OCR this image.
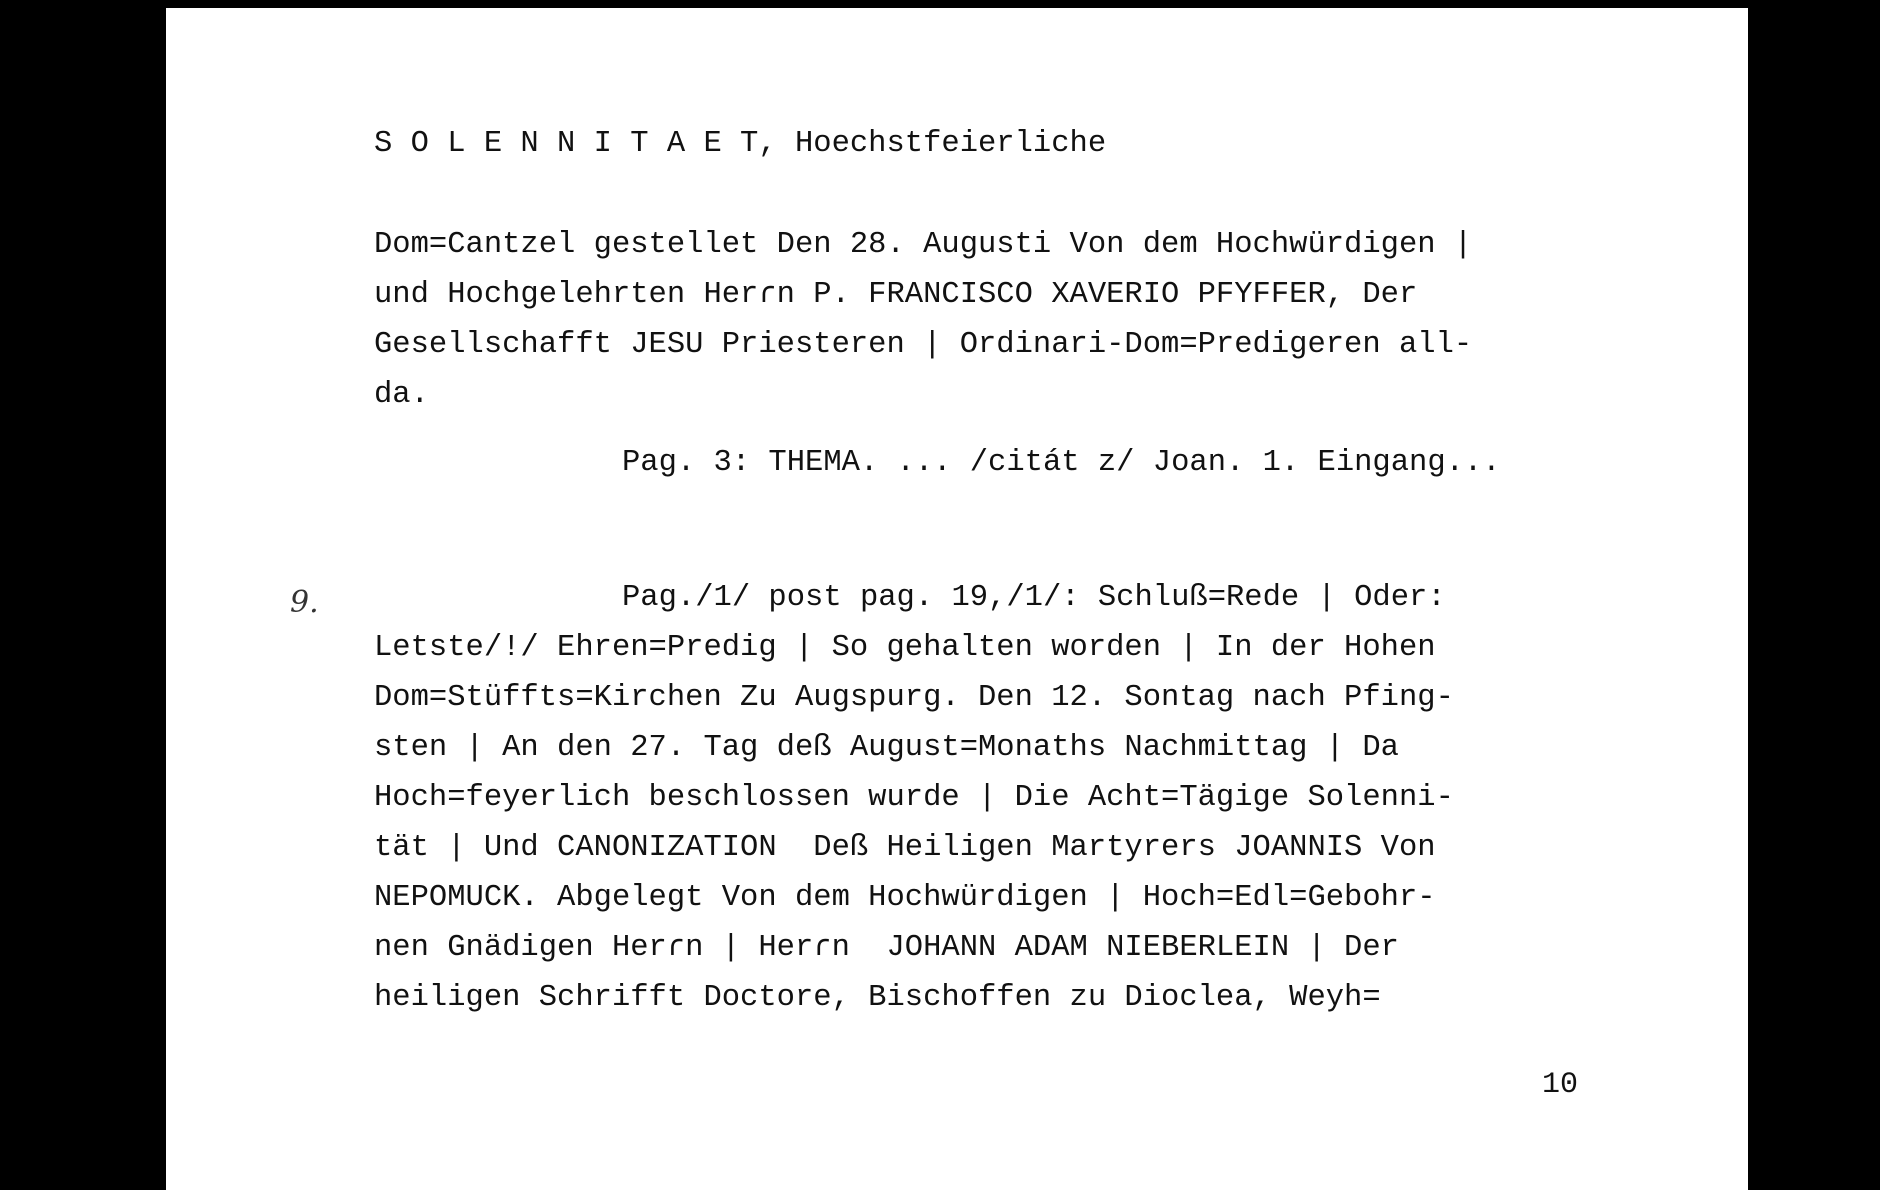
S O L E N N I T A E T, Hoechstfeierliche

Dom=Cantzel gestellet Den 28. Augusti Von dem Hochwürdigen |

und Hochgelehrten Herɾn P. FRANCISCO XAVERIO PFYFFER, Der

Gesellschafft JESU Priesteren | Ordinari-Dom=Predigeren all-

da.

Pag. 3: THEMA. ... /citát z/ Joan. 1. Eingang...

9.	Pag./1/ post pag. 19,/1/: Schluß=Rede | Oder:

Letste/!/ Ehren=Predig | So gehalten worden | In der Hohen

Dom=Stüffts=Kirchen Zu Augspurg. Den 12. Sontag nach Pfing-

sten | An den 27. Tag deß August=Monaths Nachmittag | Da

Hoch=feyerlich beschlossen wurde | Die Acht=Tägige Solenni-

tät | Und CANONIZATION  Deß Heiligen Martyrers JOANNIS Von

NEPOMUCK. Abgelegt Von dem Hochwürdigen | Hoch=Edl=Gebohr-

nen Gnädigen Herɾn | Herɾn  JOHANN ADAM NIEBERLEIN | Der

heiligen Schrifft Doctore, Bischoffen zu Dioclea, Weyh=

10
